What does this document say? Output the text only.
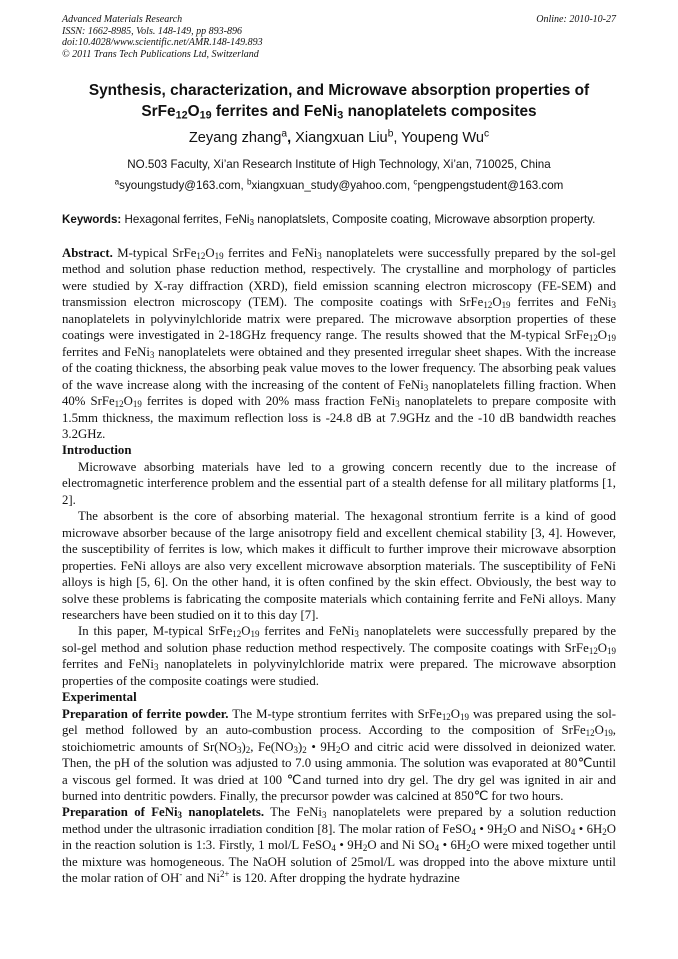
Advanced Materials Research
ISSN: 1662-8985, Vols. 148-149, pp 893-896
doi:10.4028/www.scientific.net/AMR.148-149.893
© 2011 Trans Tech Publications Ltd, Switzerland
Online: 2010-10-27
Synthesis, characterization, and Microwave absorption properties of
$SrFe_{12}O_{19}$ ferrites and FeNi$_3$ nanoplatelets composites
Zeyang zhang$^a$, Xiangxuan Liu$^b$, Youpeng Wu$^c$
NO.503 Faculty, Xi’an Research Institute of High Technology, Xi’an, 710025, China
$^a$syoungstudy@163.com, $^b$xiangxuan_study@yahoo.com, $^c$pengpengstudent@163.com
Keywords: Hexagonal ferrites, FeNi$_3$ nanoplatslets, Composite coating, Microwave absorption property.

Abstract. M-typical $SrFe_{12}O_{19}$ ferrites and FeNi$_3$ nanoplatelets were successfully prepared by the sol-gel method and solution phase reduction method, respectively. The crystalline and morphology of particles were studied by X-ray diffraction (XRD), field emission scanning electron microscopy (FE-SEM) and transmission electron microscopy (TEM). The composite coatings with $SrFe_{12}O_{19}$ ferrites and FeNi$_3$ nanoplatelets in polyvinylchloride matrix were prepared. The microwave absorption properties of these coatings were investigated in 2-18GHz frequency range. The results showed that the M-typical $SrFe_{12}O_{19}$ ferrites and FeNi$_3$ nanoplatelets were obtained and they presented irregular sheet shapes. With the increase of the coating thickness, the absorbing peak value moves to the lower frequency. The absorbing peak values of the wave increase along with the increasing of the content of FeNi$_3$ nanoplatelets filling fraction. When 40% $SrFe_{12}O_{19}$ ferrites is doped with 20% mass fraction FeNi$_3$ nanoplatelets to prepare composite with 1.5mm thickness, the maximum reflection loss is -24.8 dB at 7.9GHz and the -10 dB bandwidth reaches 3.2GHz.

Introduction

Microwave absorbing materials have led to a growing concern recently due to the increase of electromagnetic interference problem and the essential part of a stealth defense for all military platforms [1, 2].

The absorbent is the core of absorbing material. The hexagonal strontium ferrite is a kind of good microwave absorber because of the large anisotropy field and excellent chemical stability [3, 4]. However, the susceptibility of ferrites is low, which makes it difficult to further improve their microwave absorption properties. FeNi alloys are also very excellent microwave absorption materials. The susceptibility of FeNi alloys is high [5, 6]. On the other hand, it is often confined by the skin effect. Obviously, the best way to solve these problems is fabricating the composite materials which containing ferrite and FeNi alloys. Many researchers have been studied on it to this day [7].

In this paper, M-typical $SrFe_{12}O_{19}$ ferrites and FeNi$_3$ nanoplatelets were successfully prepared by the sol-gel method and solution phase reduction method respectively. The composite coatings with $SrFe_{12}O_{19}$ ferrites and FeNi$_3$ nanoplatelets in polyvinylchloride matrix were prepared. The microwave absorption properties of the composite coatings were studied.

Experimental

Preparation of ferrite powder. The M-type strontium ferrites with $SrFe_{12}O_{19}$ was prepared using the sol-gel method followed by an auto-combustion process. According to the composition of $SrFe_{12}O_{19}$, stoichiometric amounts of $Sr(NO_3)_2$, $Fe(NO_3)_2$ • $9H_2O$ and citric acid were dissolved in deionized water. Then, the pH of the solution was adjusted to 7.0 using ammonia. The solution was evaporated at 80℃until a viscous gel formed. It was dried at 100 ℃and turned into dry gel. The dry gel was ignited in air and burned into dentritic powders. Finally, the precursor powder was calcined at 850℃ for two hours.

Preparation of FeNi$_3$ nanoplatelets. The FeNi$_3$ nanoplatelets were prepared by a solution reduction method under the ultrasonic irradiation condition [8]. The molar ration of FeSO$_4$ • $9H_2O$ and NiSO$_4$ • $6H_2O$ in the reaction solution is 1:3. Firstly, 1 mol/L FeSO$_4$ • $9H_2O$ and Ni $SO_4$ • $6H_2O$ were mixed together until the mixture was homogeneous. The NaOH solution of 25mol/L was dropped into the above mixture until the molar ration of OH- and $Ni^{2+}$ is 120. After dropping the hydrate hydrazine
